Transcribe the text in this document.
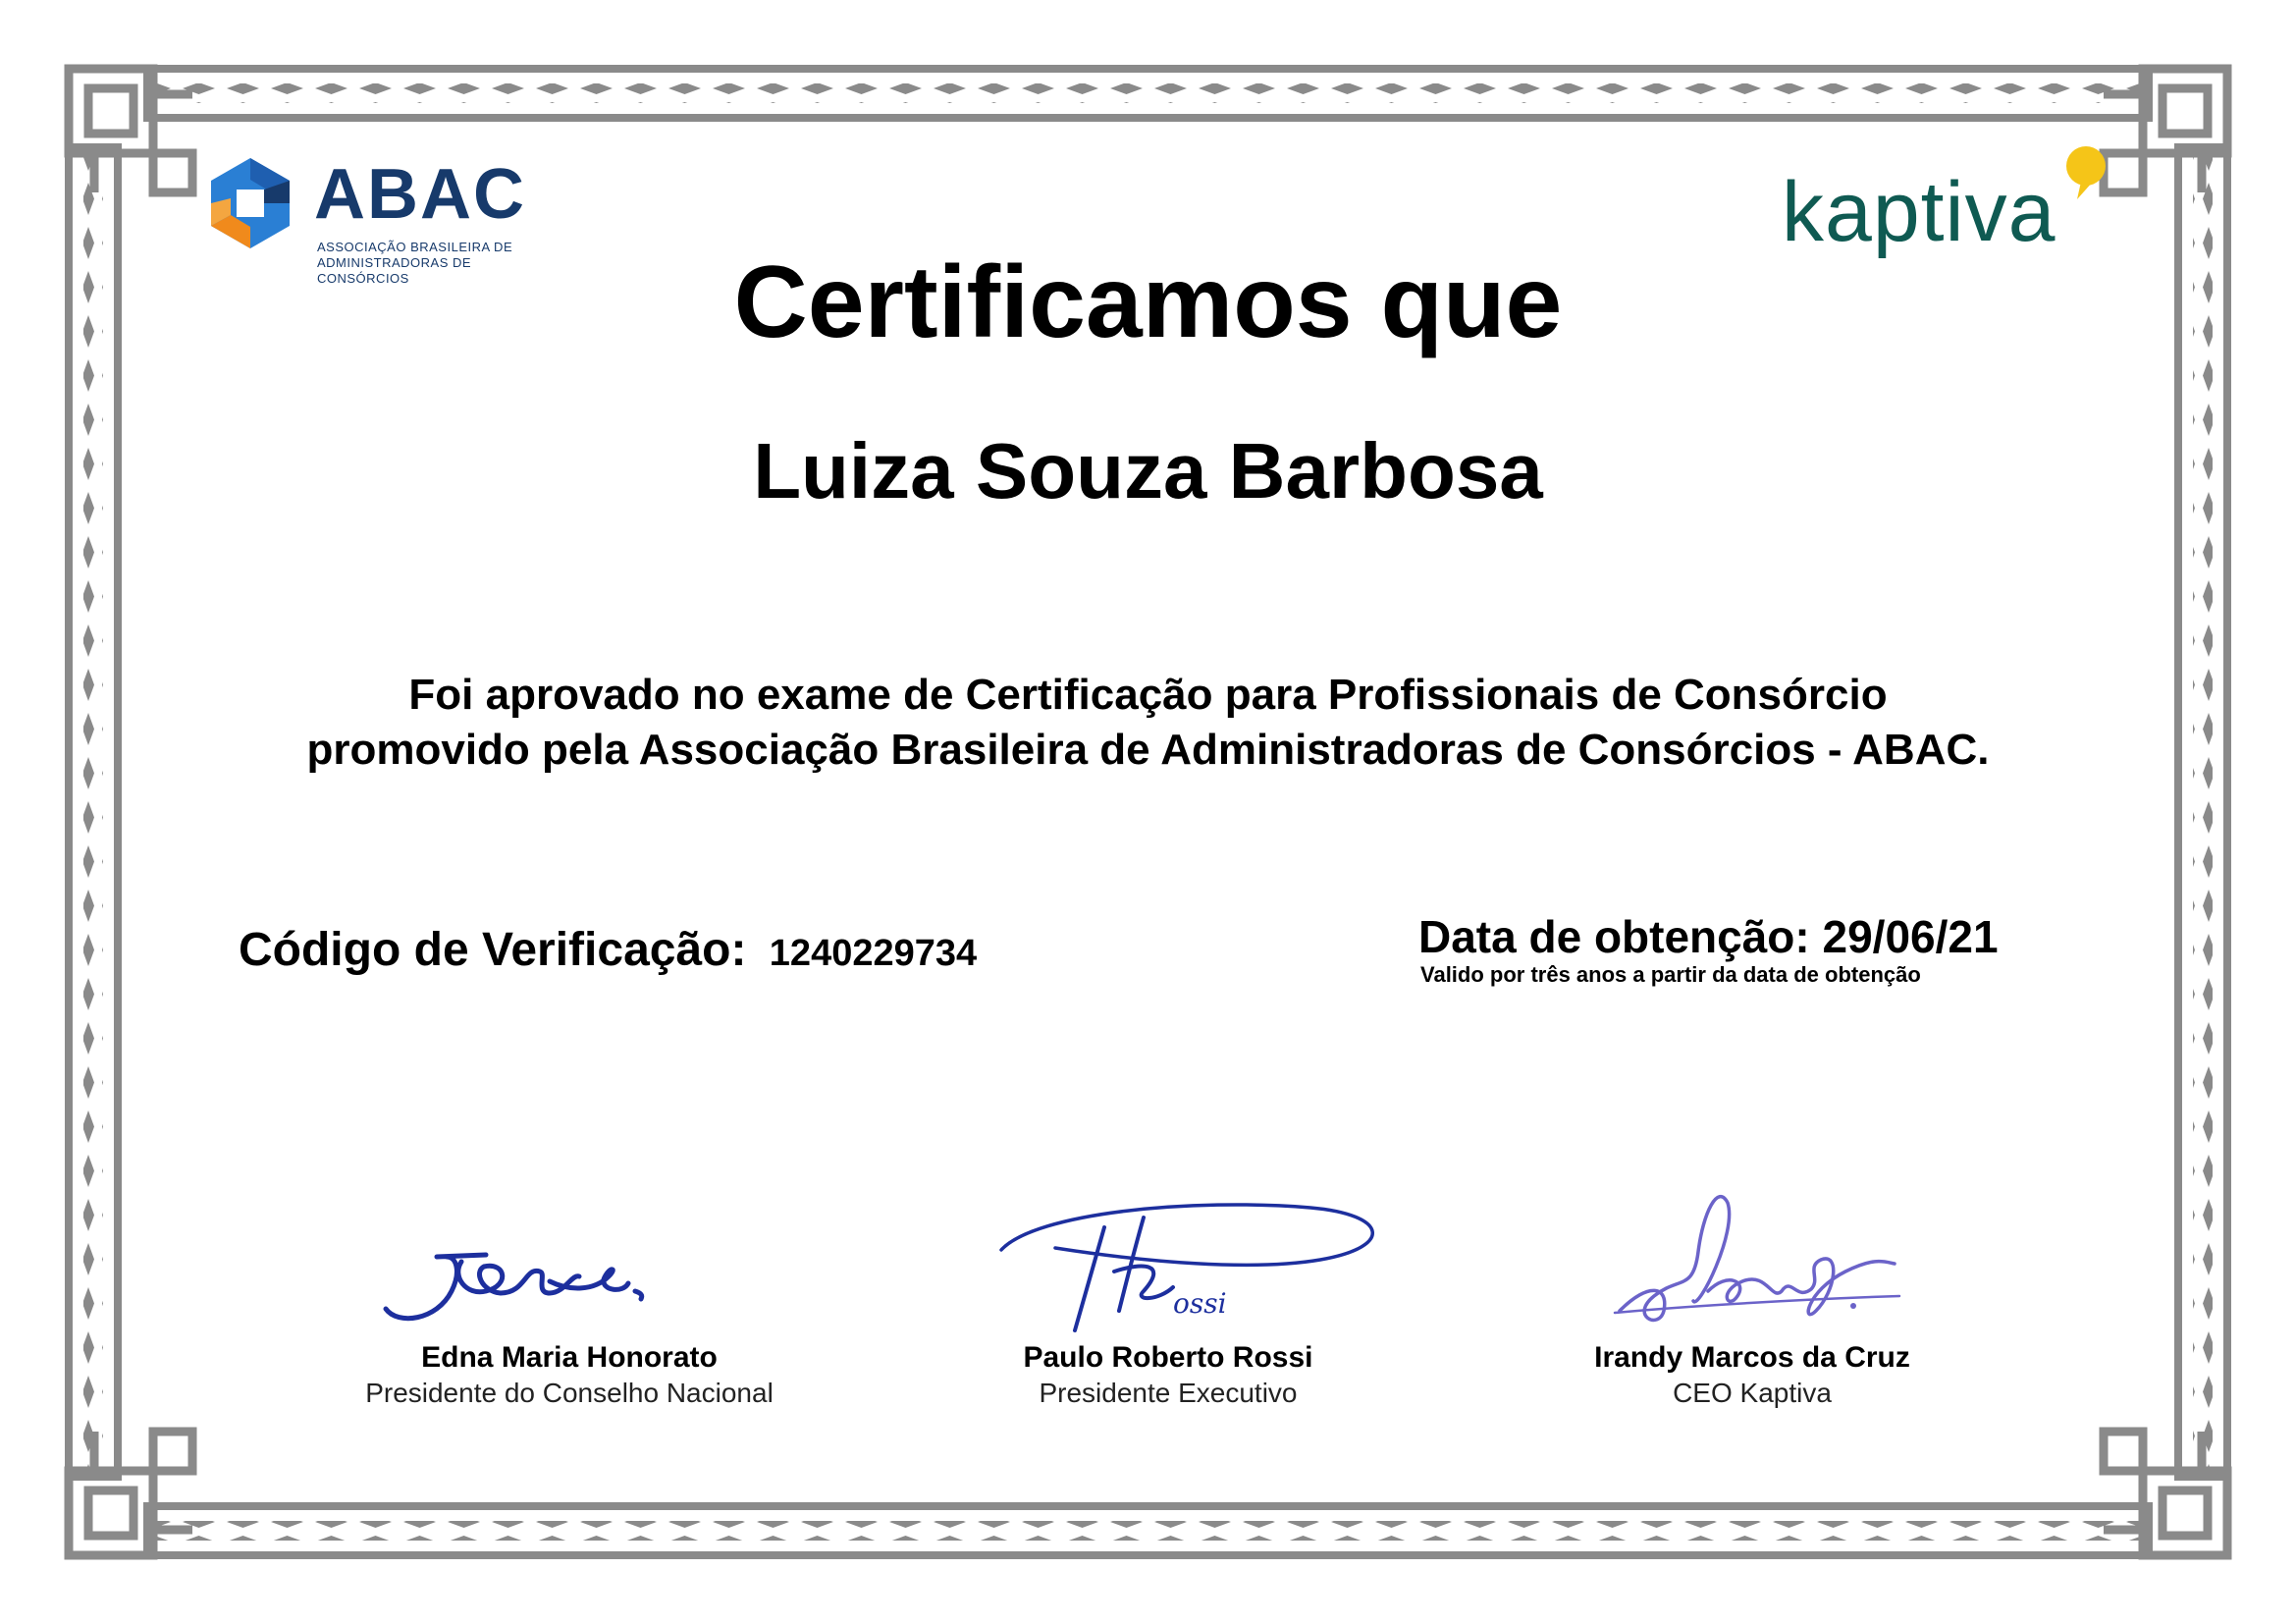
ABAC
ASSOCIAÇÃO BRASILEIRA DE
ADMINISTRADORAS DE CONSÓRCIOS
kaptiva
Certificamos que
Luiza Souza Barbosa
Foi aprovado no exame de Certificação para Profissionais de Consórcio
promovido pela Associação Brasileira de Administradoras de Consórcios - ABAC.
Código de Verificação: 1240229734	Data de obtenção: 29/06/21
Valido por três anos a partir da data de obtenção
ossi
Edna Maria Honorato
Presidente do Conselho Nacional
Paulo Roberto Rossi
Presidente Executivo
Irandy Marcos da Cruz
CEO Kaptiva
